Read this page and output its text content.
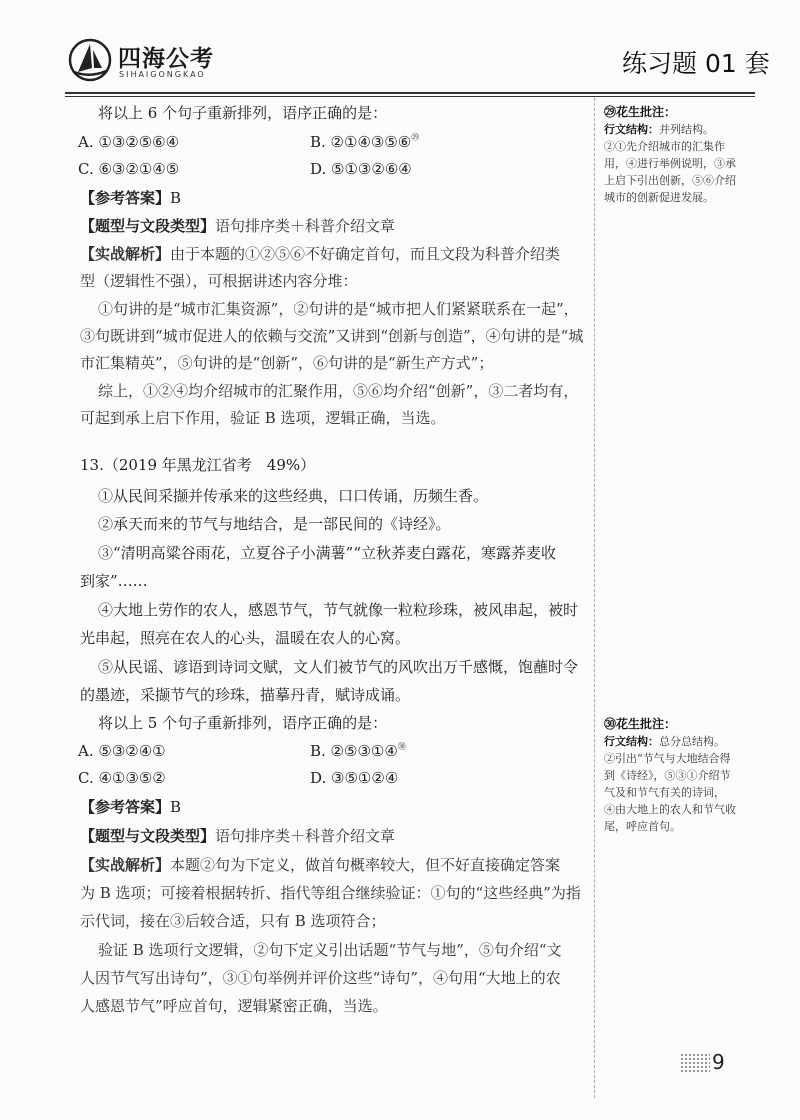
四海公考
SIHAIGONGKAO	练习题 01 套
将以上 6 个句子重新排列，语序正确的是：
A. ①③②⑤⑥④	B. ②①④③⑤⑥$^㉙$
C. ⑥③②①④⑤	D. ⑤①③②⑥④
【参考答案】B
【题型与文段类型】语句排序类＋科普介绍文章
【实战解析】由于本题的①②⑤⑥不好确定首句，而且文段为科普介绍类
型（逻辑性不强），可根据讲述内容分堆：
①句讲的是“城市汇集资源”，②句讲的是“城市把人们紧紧联系在一起”，
③句既讲到“城市促进人的依赖与交流”又讲到“创新与创造”，④句讲的是“城
市汇集精英”，⑤句讲的是“创新”，⑥句讲的是“新生产方式”；
综上，①②④均介绍城市的汇聚作用，⑤⑥均介绍“创新”，③二者均有，
可起到承上启下作用，验证 B 选项，逻辑正确，当选。
13.（2019 年黑龙江省考　49%）
①从民间采撷并传承来的这些经典，口口传诵，历频生香。
②承天而来的节气与地结合，是一部民间的《诗经》。
③“清明高粱谷雨花，立夏谷子小满薯”“立秋荞麦白露花，寒露荞麦收
到家”……
④大地上劳作的农人，感恩节气，节气就像一粒粒珍珠，被风串起，被时
光串起，照亮在农人的心头，温暖在农人的心窝。
⑤从民谣、谚语到诗词文赋，文人们被节气的风吹出万千感慨，饱蘸时令
的墨迹，采撷节气的珍珠，描摹丹青，赋诗成诵。
将以上 5 个句子重新排列，语序正确的是：
A. ⑤③②④①	B. ②⑤③①④$^㉚$
C. ④①③⑤②	D. ③⑤①②④
【参考答案】B
【题型与文段类型】语句排序类＋科普介绍文章
【实战解析】本题②句为下定义，做首句概率较大，但不好直接确定答案
为 B 选项；可接着根据转折、指代等组合继续验证：①句的“这些经典”为指
示代词，接在③后较合适，只有 B 选项符合；
验证 B 选项行文逻辑，②句下定义引出话题“节气与地”，⑤句介绍“文
人因节气写出诗句”，③①句举例并评价这些“诗句”，④句用“大地上的农
人感恩节气”呼应首句，逻辑紧密正确，当选。
㉙花生批注：
行文结构：并列结构。
②①先介绍城市的汇集作
用，④进行举例说明，③承
上启下引出创新，⑤⑥介绍
城市的创新促进发展。
㉚花生批注：
行文结构：总分总结构。
②引出“节气与大地结合得
到《诗经》，⑤③①介绍节
气及和节气有关的诗词，
④由大地上的农人和节气收
尾，呼应首句。
9
